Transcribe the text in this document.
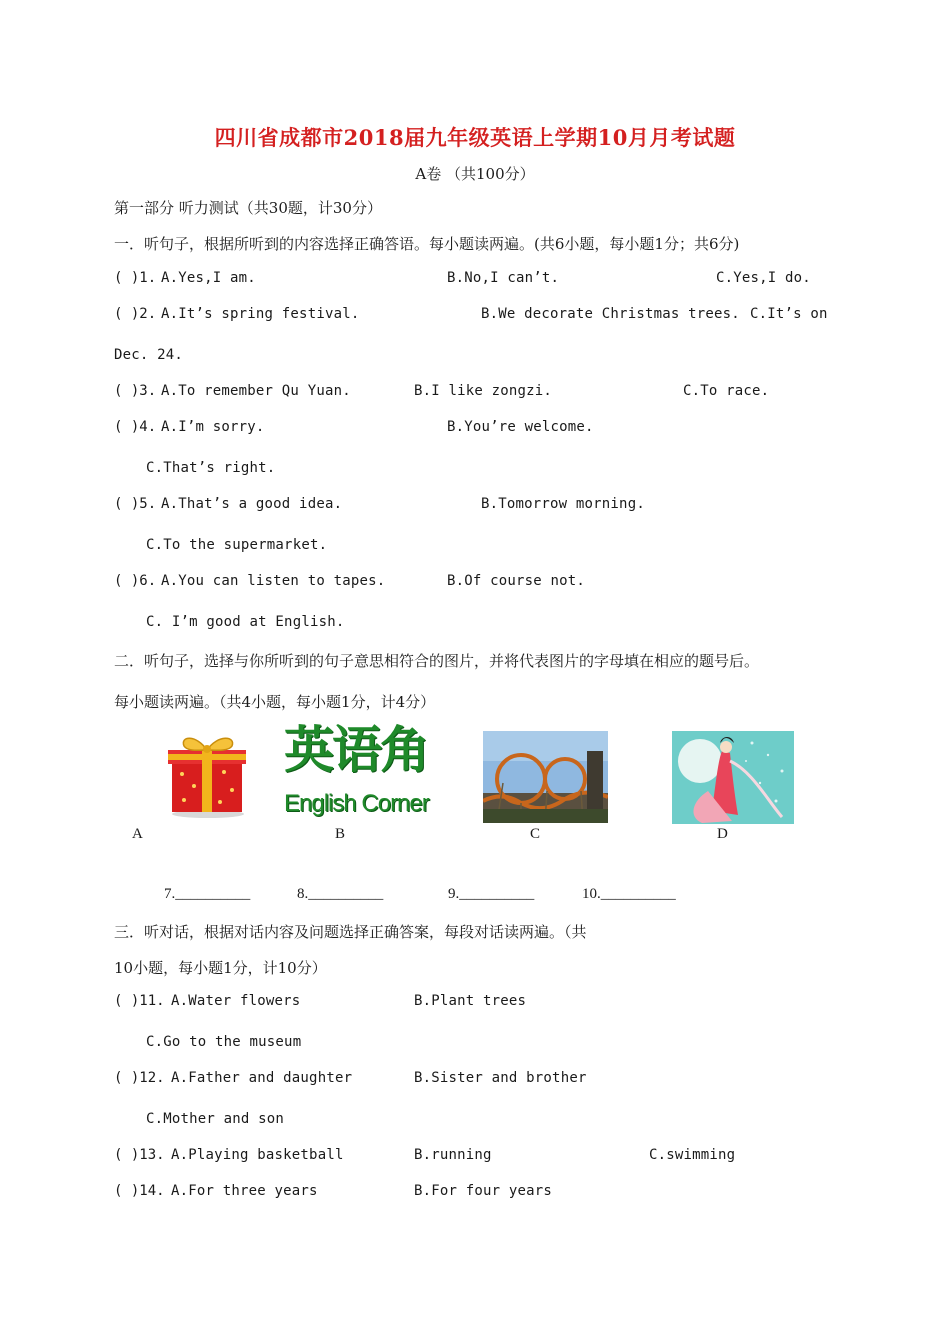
四川省成都市2018届九年级英语上学期10月月考试题
A卷 （共100分）
第一部分 听力测试（共30题，计30分）
一．听句子，根据所听到的内容选择正确答语。每小题读两遍。(共6小题，每小题1分；共6分)
( )1. A.Yes,I am.	B.No,I can’t.	C.Yes,I do.
( )2. A.It’s spring festival.	B.We decorate Christmas trees. C.It’s on
Dec. 24.
( )3. A.To remember Qu Yuan.	B.I like zongzi.	C.To race.
( )4. A.I’m sorry.	B.You’re welcome.
C.That’s right.
( )5. A.That’s a good idea.	B.Tomorrow morning.
C.To the supermarket.
( )6. A.You can listen to tapes.	B.Of course not.
C. I’m good at English.
二．听句子，选择与你所听到的句子意思相符合的图片，并将代表图片的字母填在相应的题号后。
每小题读两遍。（共4小题，每小题1分，计4分）
A
英语角
English Corner
B	C	D
7.__________	8.__________	9.__________	10.__________
三．听对话，根据对话内容及问题选择正确答案，每段对话读两遍。（共
10小题，每小题1分，计10分）
( )11. A.Water flowers	B.Plant trees
C.Go to the museum
( )12. A.Father and daughter	B.Sister and brother
C.Mother and son
( )13. A.Playing basketball	B.running	C.swimming
( )14. A.For three years	B.For four years
